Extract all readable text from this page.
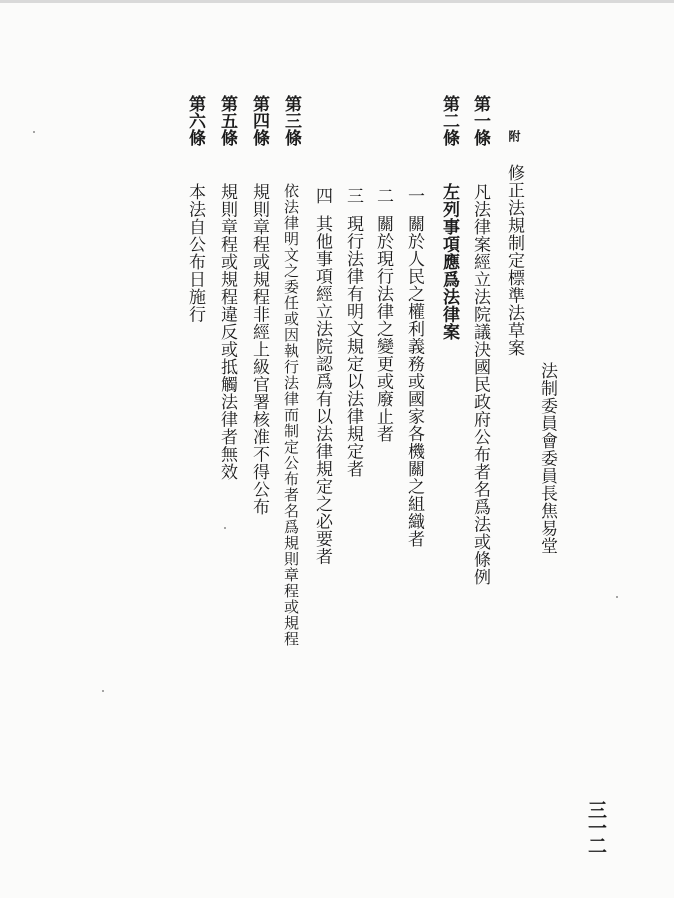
法制委員會委員長焦易堂
附 修正法規制定標準法草案
第一條
凡法律案經立法院議決國民政府公布者名爲法或條例
第二條
左列事項應爲法律案
一
關於人民之權利義務或國家各機關之組織者
二
關於現行法律之變更或廢止者
三
現行法律有明文規定以法律規定者
四
其他事項經立法院認爲有以法律規定之必要者
第三條
依法律明文之委任或因執行法律而制定公布者名爲規則章程或規程
第四條
規則章程或規程非經上級官署核准不得公布
第五條
規則章程或規程違反或抵觸法律者無效
第六條
本法自公布日施行
三一二
